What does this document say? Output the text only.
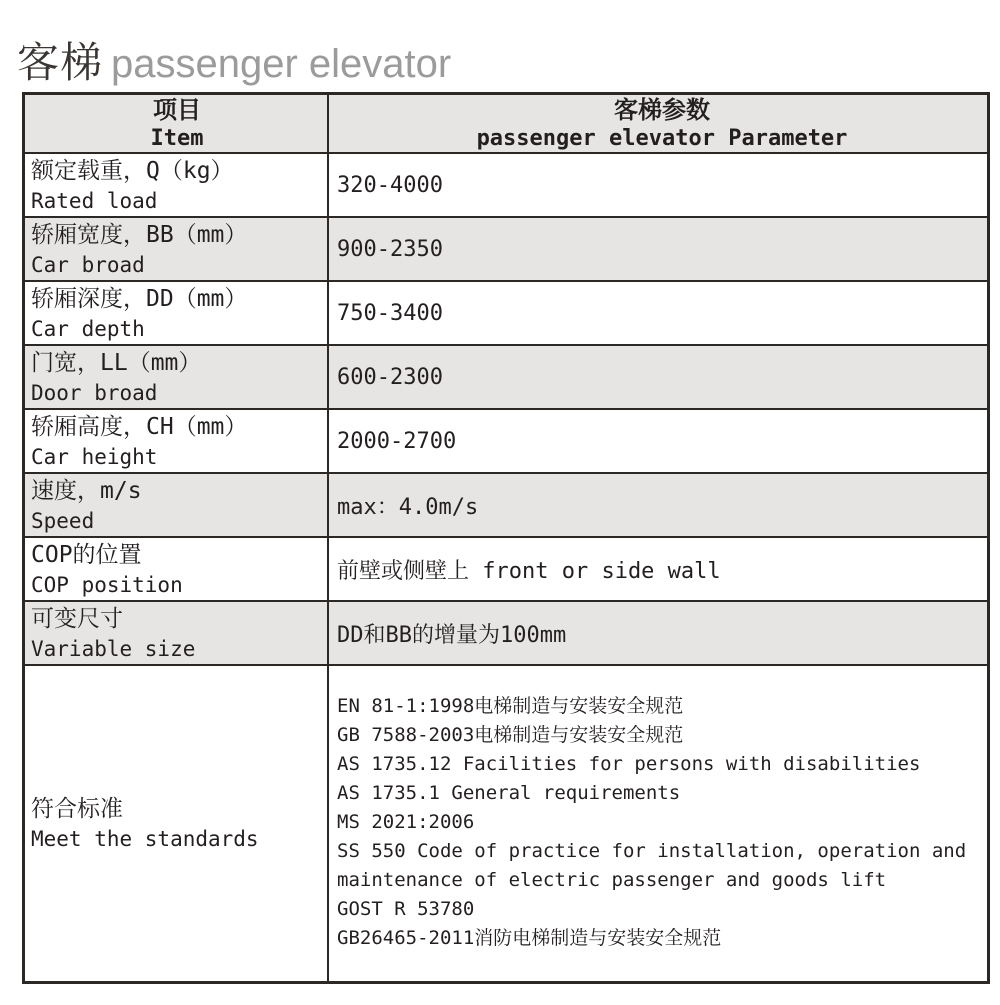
客梯 passenger elevator
项目
Item
客梯参数
passenger elevator Parameter
额定载重，Q（kg）
Rated load
320-4000
轿厢宽度，BB（mm）
Car broad
900-2350
轿厢深度，DD（mm）
Car depth
750-3400
门宽，LL（mm）
Door broad
600-2300
轿厢高度，CH（mm）
Car height
2000-2700
速度，m/s
Speed
max：4.0m/s
COP的位置
COP position
前壁或侧壁上 front or side wall
可变尺寸
Variable size
DD和BB的增量为100mm
符合标准
Meet the standards
EN 81-1:1998电梯制造与安装安全规范
GB 7588-2003电梯制造与安装安全规范
AS 1735.12 Facilities for persons with disabilities
AS 1735.1 General requirements
MS 2021:2006
SS 550 Code of practice for installation, operation and
maintenance of electric passenger and goods lift
GOST R 53780
GB26465-2011消防电梯制造与安装安全规范
